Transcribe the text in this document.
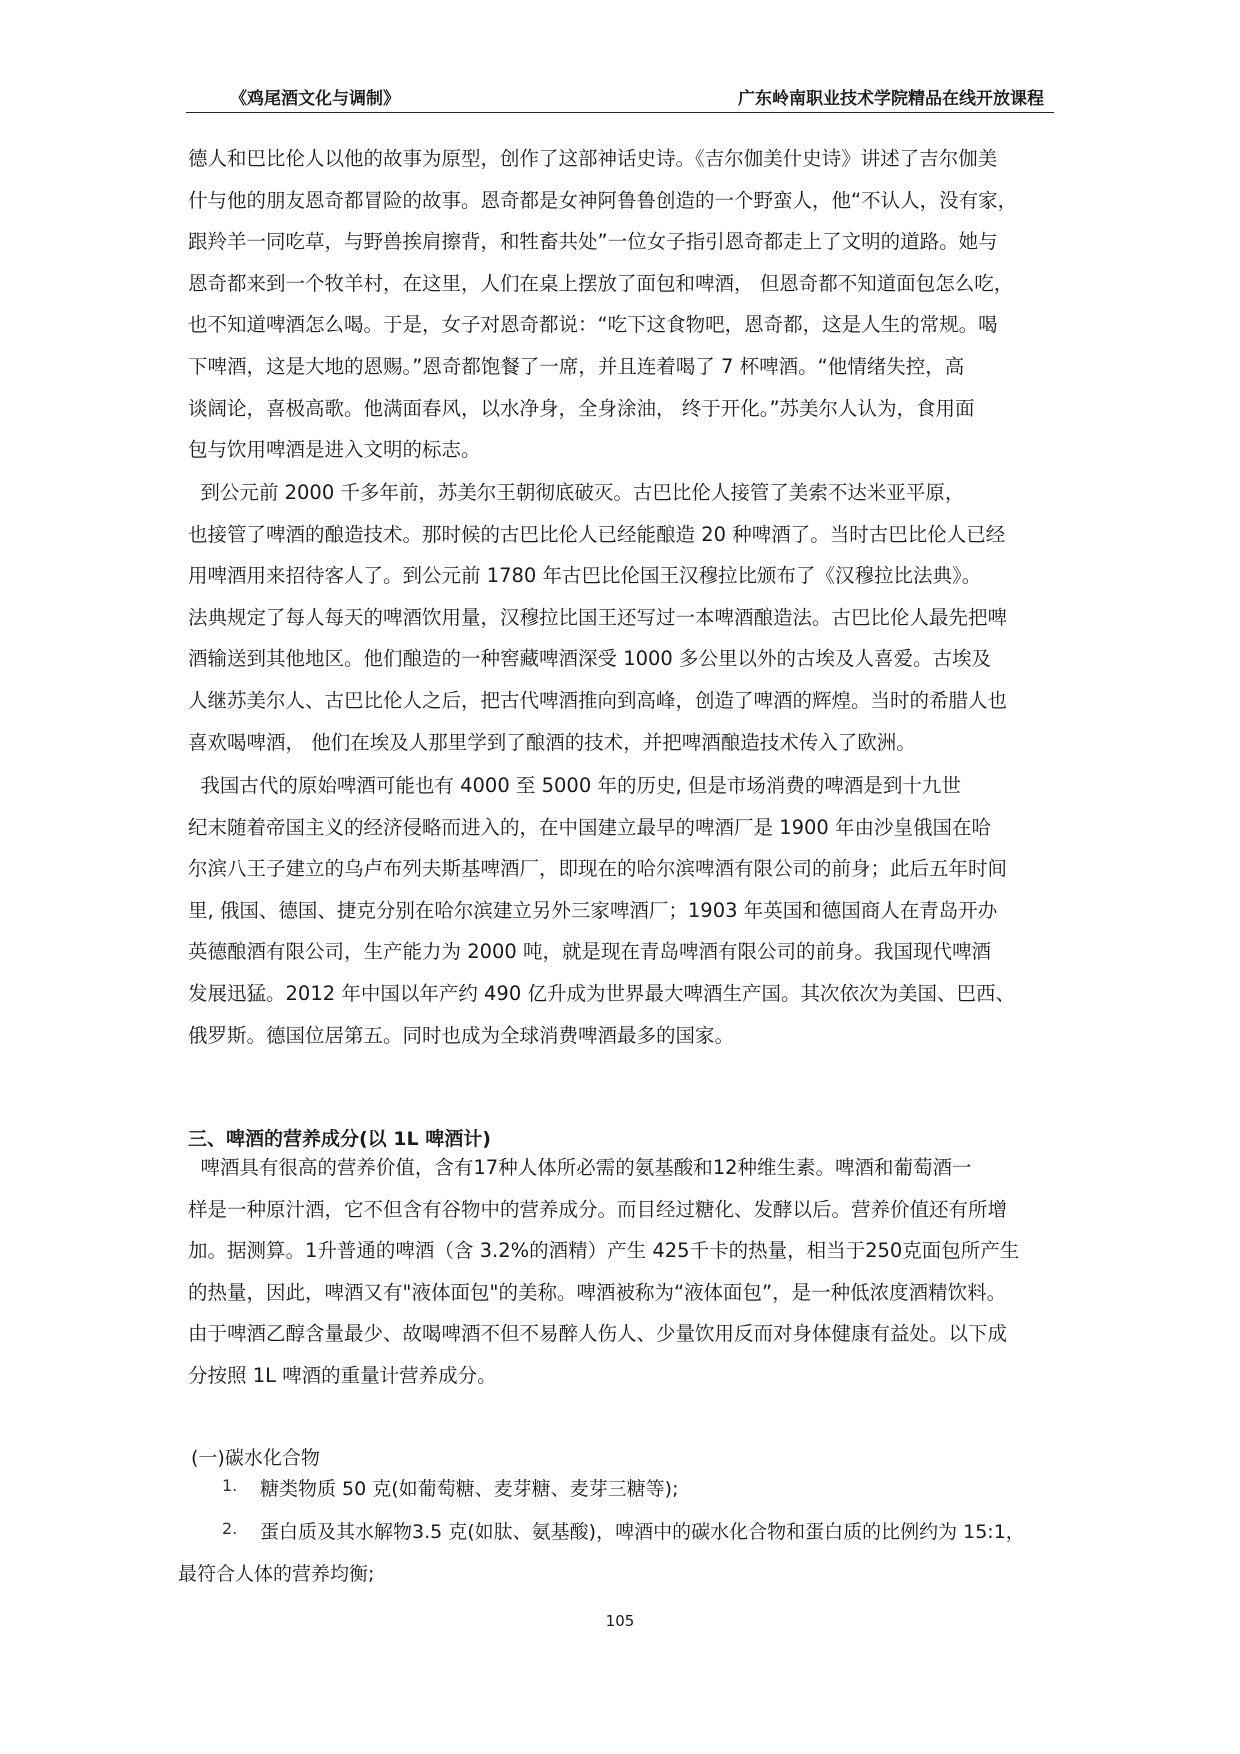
《鸡尾酒文化与调制》	广东岭南职业技术学院精品在线开放课程
德人和巴比伦人以他的故事为原型，创作了这部神话史诗。《吉尔伽美什史诗》讲述了吉尔伽美
什与他的朋友恩奇都冒险的故事。恩奇都是女神阿鲁鲁创造的一个野蛮人，他“不认人，没有家，
跟羚羊一同吃草，与野兽挨肩擦背，和牲畜共处”一位女子指引恩奇都走上了文明的道路。她与
恩奇都来到一个牧羊村，在这里，人们在桌上摆放了面包和啤酒， 但恩奇都不知道面包怎么吃，
也不知道啤酒怎么喝。于是，女子对恩奇都说：“吃下这食物吧，恩奇都，这是人生的常规。喝
下啤酒，这是大地的恩赐。”恩奇都饱餐了一席，并且连着喝了 7 杯啤酒。“他情绪失控，高
谈阔论，喜极高歌。他满面春风，以水净身，全身涂油， 终于开化。”苏美尔人认为，食用面
包与饮用啤酒是进入文明的标志。
到公元前 2000 千多年前，苏美尔王朝彻底破灭。古巴比伦人接管了美索不达米亚平原，
也接管了啤酒的酿造技术。那时候的古巴比伦人已经能酿造 20 种啤酒了。当时古巴比伦人已经
用啤酒用来招待客人了。到公元前 1780 年古巴比伦国王汉穆拉比颁布了《汉穆拉比法典》。
法典规定了每人每天的啤酒饮用量，汉穆拉比国王还写过一本啤酒酿造法。古巴比伦人最先把啤
酒输送到其他地区。他们酿造的一种窖藏啤酒深受 1000 多公里以外的古埃及人喜爱。古埃及
人继苏美尔人、古巴比伦人之后，把古代啤酒推向到高峰，创造了啤酒的辉煌。当时的希腊人也
喜欢喝啤酒， 他们在埃及人那里学到了酿酒的技术，并把啤酒酿造技术传入了欧洲。
我国古代的原始啤酒可能也有 4000 至 5000 年的历史, 但是市场消费的啤酒是到十九世
纪末随着帝国主义的经济侵略而进入的，在中国建立最早的啤酒厂是 1900 年由沙皇俄国在哈
尔滨八王子建立的乌卢布列夫斯基啤酒厂，即现在的哈尔滨啤酒有限公司的前身；此后五年时间
里, 俄国、德国、捷克分别在哈尔滨建立另外三家啤酒厂；1903 年英国和德国商人在青岛开办
英德酿酒有限公司，生产能力为 2000 吨，就是现在青岛啤酒有限公司的前身。我国现代啤酒
发展迅猛。2012 年中国以年产约 490 亿升成为世界最大啤酒生产国。其次依次为美国、巴西、
俄罗斯。德国位居第五。同时也成为全球消费啤酒最多的国家。
三、啤酒的营养成分(以 1L 啤酒计)
啤酒具有很高的营养价值，含有17种人体所必需的氨基酸和12种维生素。啤酒和葡萄酒一
样是一种原汁酒，它不但含有谷物中的营养成分。而目经过糖化、发酵以后。营养价值还有所增
加。据测算。1升普通的啤酒（含 3.2%的酒精）产生 425千卡的热量，相当于250克面包所产生
的热量，因此，啤酒又有"液体面包"的美称。啤酒被称为“液体面包”，是一种低浓度酒精饮料。
由于啤酒乙醇含量最少、故喝啤酒不但不易醉人伤人、少量饮用反而对身体健康有益处。以下成
分按照 1L 啤酒的重量计营养成分。
(一)碳水化合物
1. 糖类物质 50 克(如葡萄糖、麦芽糖、麦芽三糖等);
2. 蛋白质及其水解物3.5 克(如肽、氨基酸)，啤酒中的碳水化合物和蛋白质的比例约为 15:1，
最符合人体的营养均衡;
105
